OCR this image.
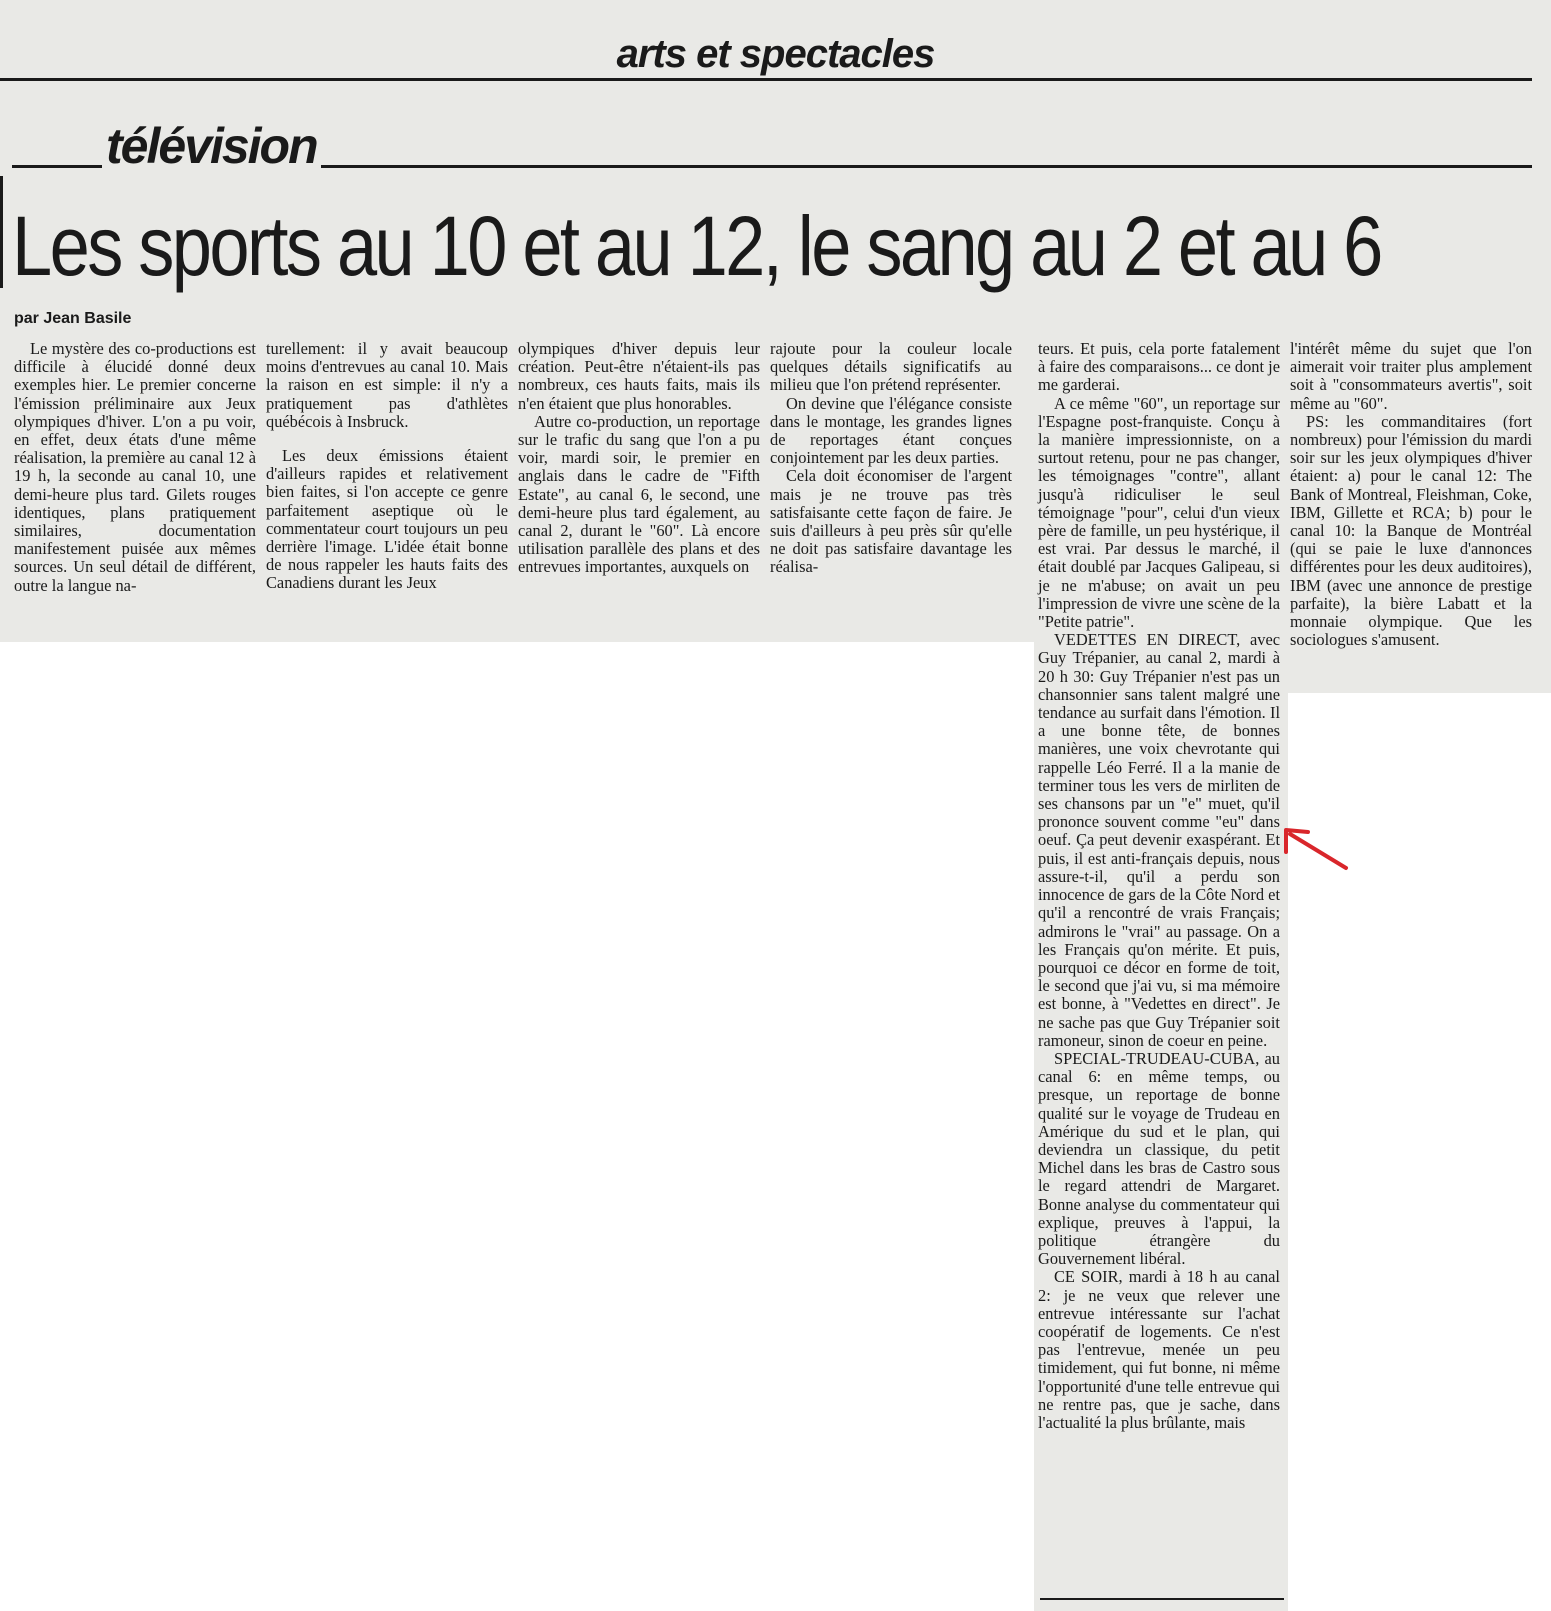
arts et spectacles
télévision
Les sports au 10 et au 12, le sang au 2 et au 6
par Jean Basile

Le mystère des co-productions est difficile à élucidé donné deux exemples hier. Le premier concerne l'émission préliminaire aux Jeux olympiques d'hiver. L'on a pu voir, en effet, deux états d'une même réalisation, la première au canal 12 à 19 h, la seconde au canal 10, une demi-heure plus tard. Gilets rouges identiques, plans pratiquement similaires, documentation manifestement puisée aux mêmes sources. Un seul détail de différent, outre la langue na-

turellement: il y avait beaucoup moins d'entrevues au canal 10. Mais la raison en est simple: il n'y a pratiquement pas d'athlètes québécois à Insbruck.

Les deux émissions étaient d'ailleurs rapides et relativement bien faites, si l'on accepte ce genre parfaitement aseptique où le commentateur court toujours un peu derrière l'image. L'idée était bonne de nous rappeler les hauts faits des Canadiens durant les Jeux

olympiques d'hiver depuis leur création. Peut-être n'étaient-ils pas nombreux, ces hauts faits, mais ils n'en étaient que plus honorables.

Autre co-production, un reportage sur le trafic du sang que l'on a pu voir, mardi soir, le premier en anglais dans le cadre de "Fifth Estate", au canal 6, le second, une demi-heure plus tard également, au canal 2, durant le "60". Là encore utilisation parallèle des plans et des entrevues importantes, auxquels on

rajoute pour la couleur locale quelques détails significatifs au milieu que l'on prétend représenter.

On devine que l'élégance consiste dans le montage, les grandes lignes de reportages étant conçues conjointement par les deux parties.

Cela doit économiser de l'argent mais je ne trouve pas très satisfaisante cette façon de faire. Je suis d'ailleurs à peu près sûr qu'elle ne doit pas satisfaire davantage les réalisa-

teurs. Et puis, cela porte fatalement à faire des comparaisons... ce dont je me garderai.

A ce même "60", un reportage sur l'Espagne post-franquiste. Conçu à la manière impressionniste, on a surtout retenu, pour ne pas changer, les témoignages "contre", allant jusqu'à ridiculiser le seul témoignage "pour", celui d'un vieux père de famille, un peu hystérique, il est vrai. Par dessus le marché, il était doublé par Jacques Galipeau, si je ne m'abuse; on avait un peu l'impression de vivre une scène de la "Petite patrie".

VEDETTES EN DIRECT, avec Guy Trépanier, au canal 2, mardi à 20 h 30: Guy Trépanier n'est pas un chansonnier sans talent malgré une tendance au surfait dans l'émotion. Il a une bonne tête, de bonnes manières, une voix chevrotante qui rappelle Léo Ferré. Il a la manie de terminer tous les vers de mirliten de ses chansons par un "e" muet, qu'il prononce souvent comme "eu" dans oeuf. Ça peut devenir exaspérant. Et puis, il est anti-français depuis, nous assure-t-il, qu'il a perdu son innocence de gars de la Côte Nord et qu'il a rencontré de vrais Français; admirons le "vrai" au passage. On a les Français qu'on mérite. Et puis, pourquoi ce décor en forme de toit, le second que j'ai vu, si ma mémoire est bonne, à "Vedettes en direct". Je ne sache pas que Guy Trépanier soit ramoneur, sinon de coeur en peine.

SPECIAL-TRUDEAU-CUBA, au canal 6: en même temps, ou presque, un reportage de bonne qualité sur le voyage de Trudeau en Amérique du sud et le plan, qui deviendra un classique, du petit Michel dans les bras de Castro sous le regard attendri de Margaret. Bonne analyse du commentateur qui explique, preuves à l'appui, la politique étrangère du Gouvernement libéral.

CE SOIR, mardi à 18 h au canal 2: je ne veux que relever une entrevue intéressante sur l'achat coopératif de logements. Ce n'est pas l'entrevue, menée un peu timidement, qui fut bonne, ni même l'opportunité d'une telle entrevue qui ne rentre pas, que je sache, dans l'actualité la plus brûlante, mais

l'intérêt même du sujet que l'on aimerait voir traiter plus amplement soit à "consommateurs avertis", soit même au "60".

PS: les commanditaires (fort nombreux) pour l'émission du mardi soir sur les jeux olympiques d'hiver étaient: a) pour le canal 12: The Bank of Montreal, Fleishman, Coke, IBM, Gillette et RCA; b) pour le canal 10: la Banque de Montréal (qui se paie le luxe d'annonces différentes pour les deux auditoires), IBM (avec une annonce de prestige parfaite), la bière Labatt et la monnaie olympique. Que les sociologues s'amusent.
